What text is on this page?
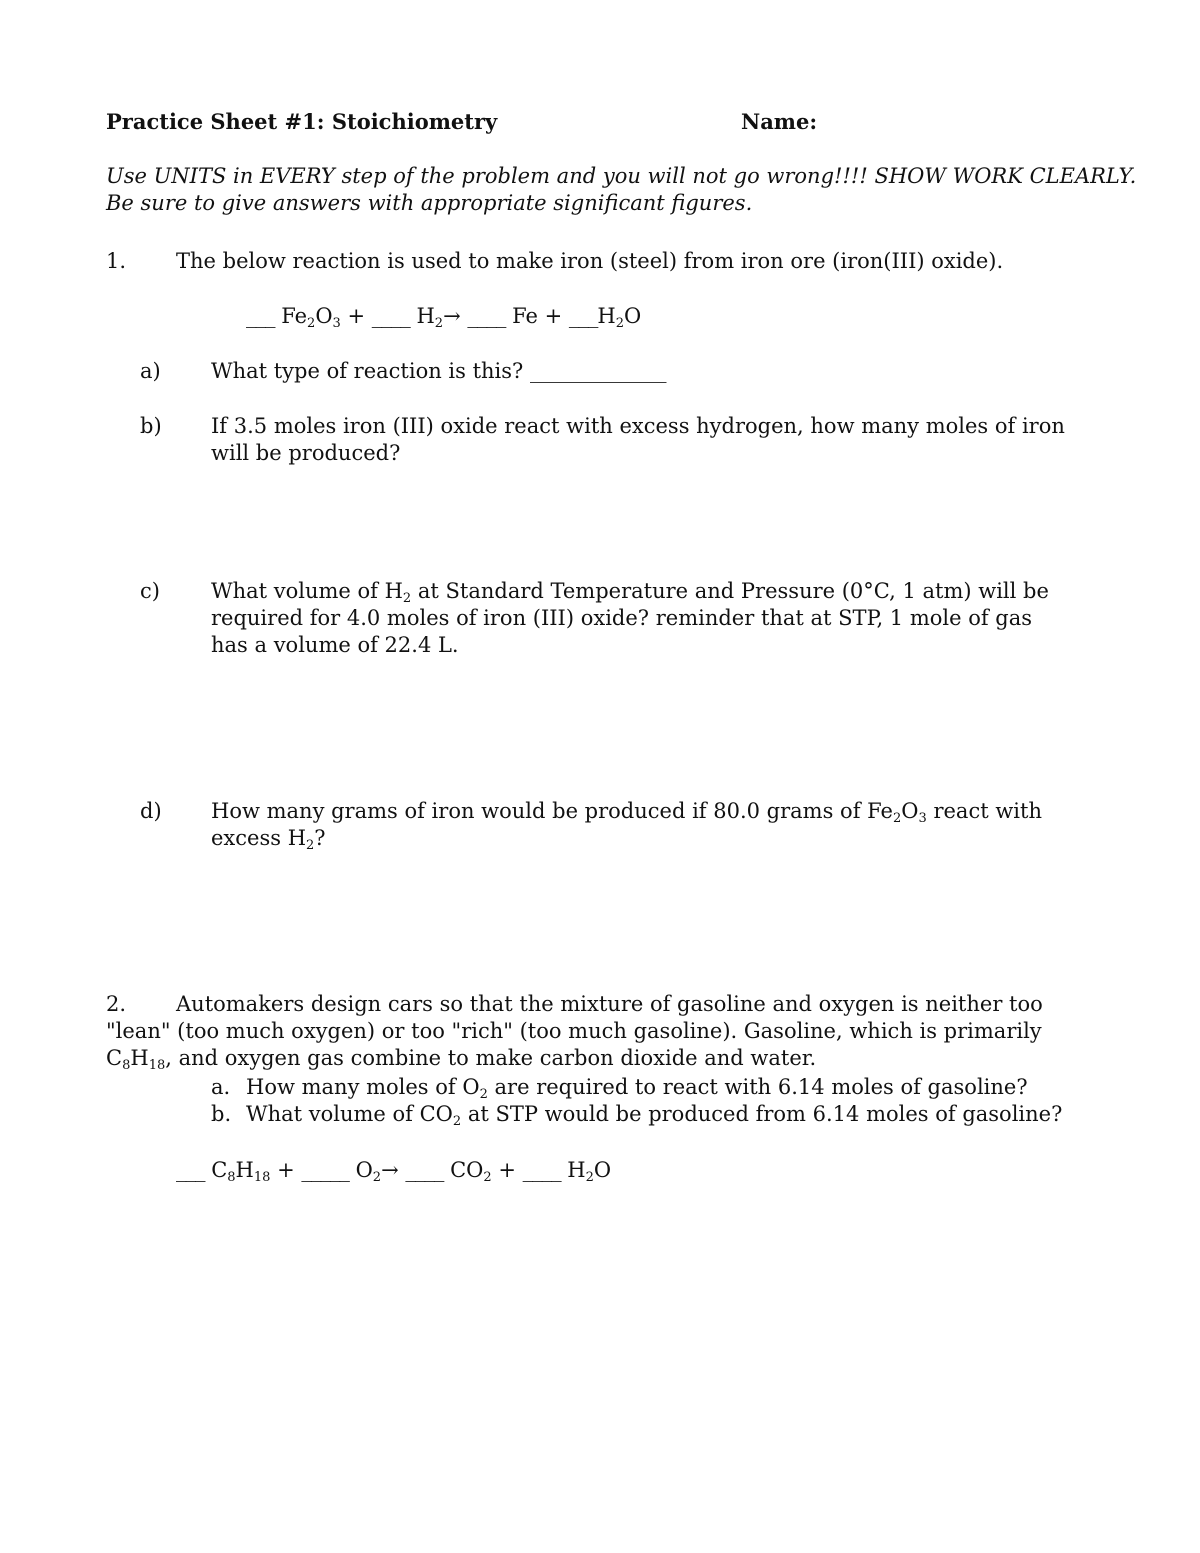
Practice Sheet #1: Stoichiometry	Name:
Use UNITS in EVERY step of the problem and you will not go wrong!!!! SHOW WORK CLEARLY.
Be sure to give answers with appropriate significant figures.
1. The below reaction is used to make iron (steel) from iron ore (iron(III) oxide).
___ $Fe_2O_3$ + ____ $H_2\to$ ____ $Fe + \_\_\_H_2O$
a) What type of reaction is this? _____________
b) If 3.5 moles iron (III) oxide react with excess hydrogen, how many moles of iron will be produced?
c) What volume of $H_2$ at Standard Temperature and Pressure (0°C, 1 atm) will be required for 4.0 moles of iron (III) oxide? reminder that at STP, 1 mole of gas has a volume of 22.4 L.
d) How many grams of iron would be produced if 80.0 grams of $Fe_2O_3$ react with excess $H_2$?
2.	Automakers design cars so that the mixture of gasoline and oxygen is neither too "lean" (too much oxygen) or too "rich" (too much gasoline). Gasoline, which is primarily $C_8H_{18}$, and oxygen gas combine to make carbon dioxide and water.
a. How many moles of $O_2$ are required to react with 6.14 moles of gasoline?
b. What volume of $CO_2$ at STP would be produced from 6.14 moles of gasoline?
___ $C_8H_{18}$ + _____ $O_2\to$ ____ $CO_2$ + ____ $H_2O$
